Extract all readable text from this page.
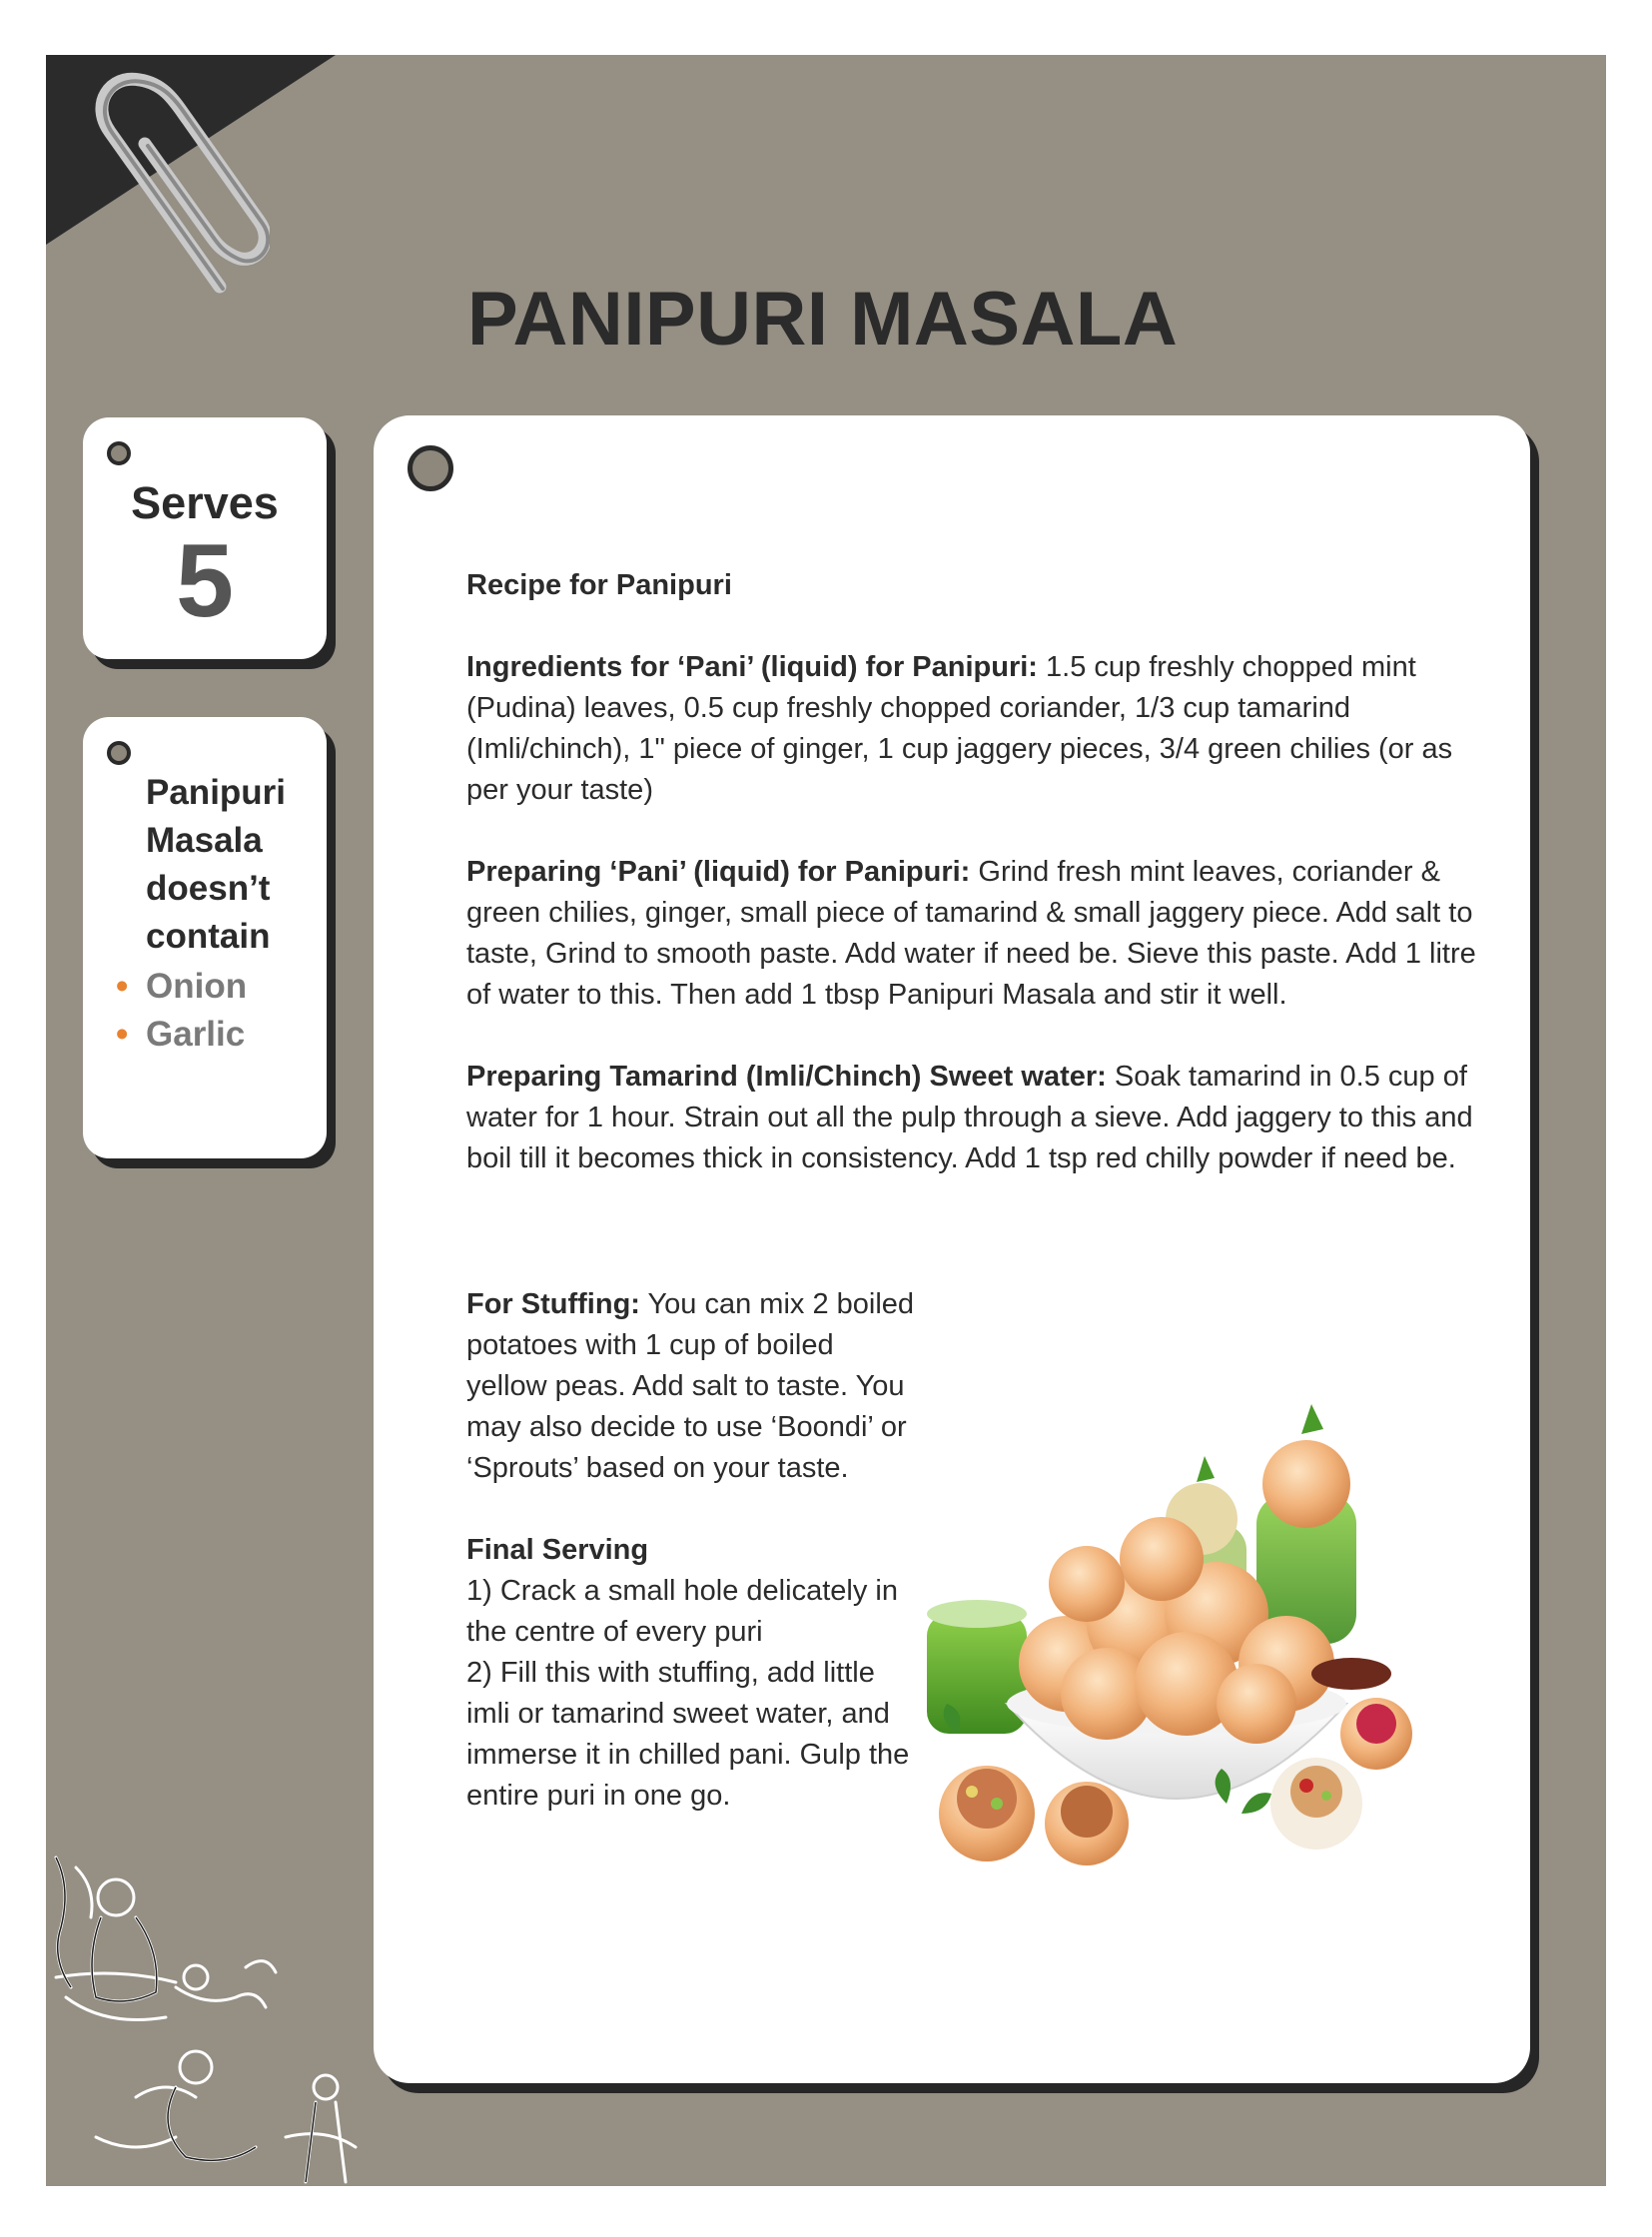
PANIPURI MASALA
Serves
5
Panipuri
Masala
doesn’t
contain
• Onion
• Garlic

Recipe for Panipuri

Ingredients for ‘Pani’ (liquid) for Panipuri: 1.5 cup freshly chopped mint (Pudina) leaves, 0.5 cup freshly chopped coriander, 1/3 cup tamarind (Imli/chinch), 1" piece of ginger, 1 cup jaggery pieces, 3/4 green chilies (or as per your taste)

Preparing ‘Pani’ (liquid) for Panipuri: Grind fresh mint leaves, coriander & green chilies, ginger, small piece of tamarind & small jaggery piece. Add salt to taste, Grind to smooth paste. Add water if need be. Sieve this paste. Add 1 litre of water to this. Then add 1 tbsp Panipuri Masala and stir it well.

Preparing Tamarind (Imli/Chinch) Sweet water: Soak tamarind in 0.5 cup of water for 1 hour. Strain out all the pulp through a sieve. Add jaggery to this and boil till it becomes thick in consistency. Add 1 tsp red chilly powder if need be.

For Stuffing: You can mix 2 boiled potatoes with 1 cup of boiled yellow peas. Add salt to taste. You may also decide to use ‘Boondi’ or ‘Sprouts’ based on your taste.

Final Serving
1) Crack a small hole delicately in the centre of every puri
2) Fill this with stuffing, add little imli or tamarind sweet water, and immerse it in chilled pani. Gulp the entire puri in one go.
